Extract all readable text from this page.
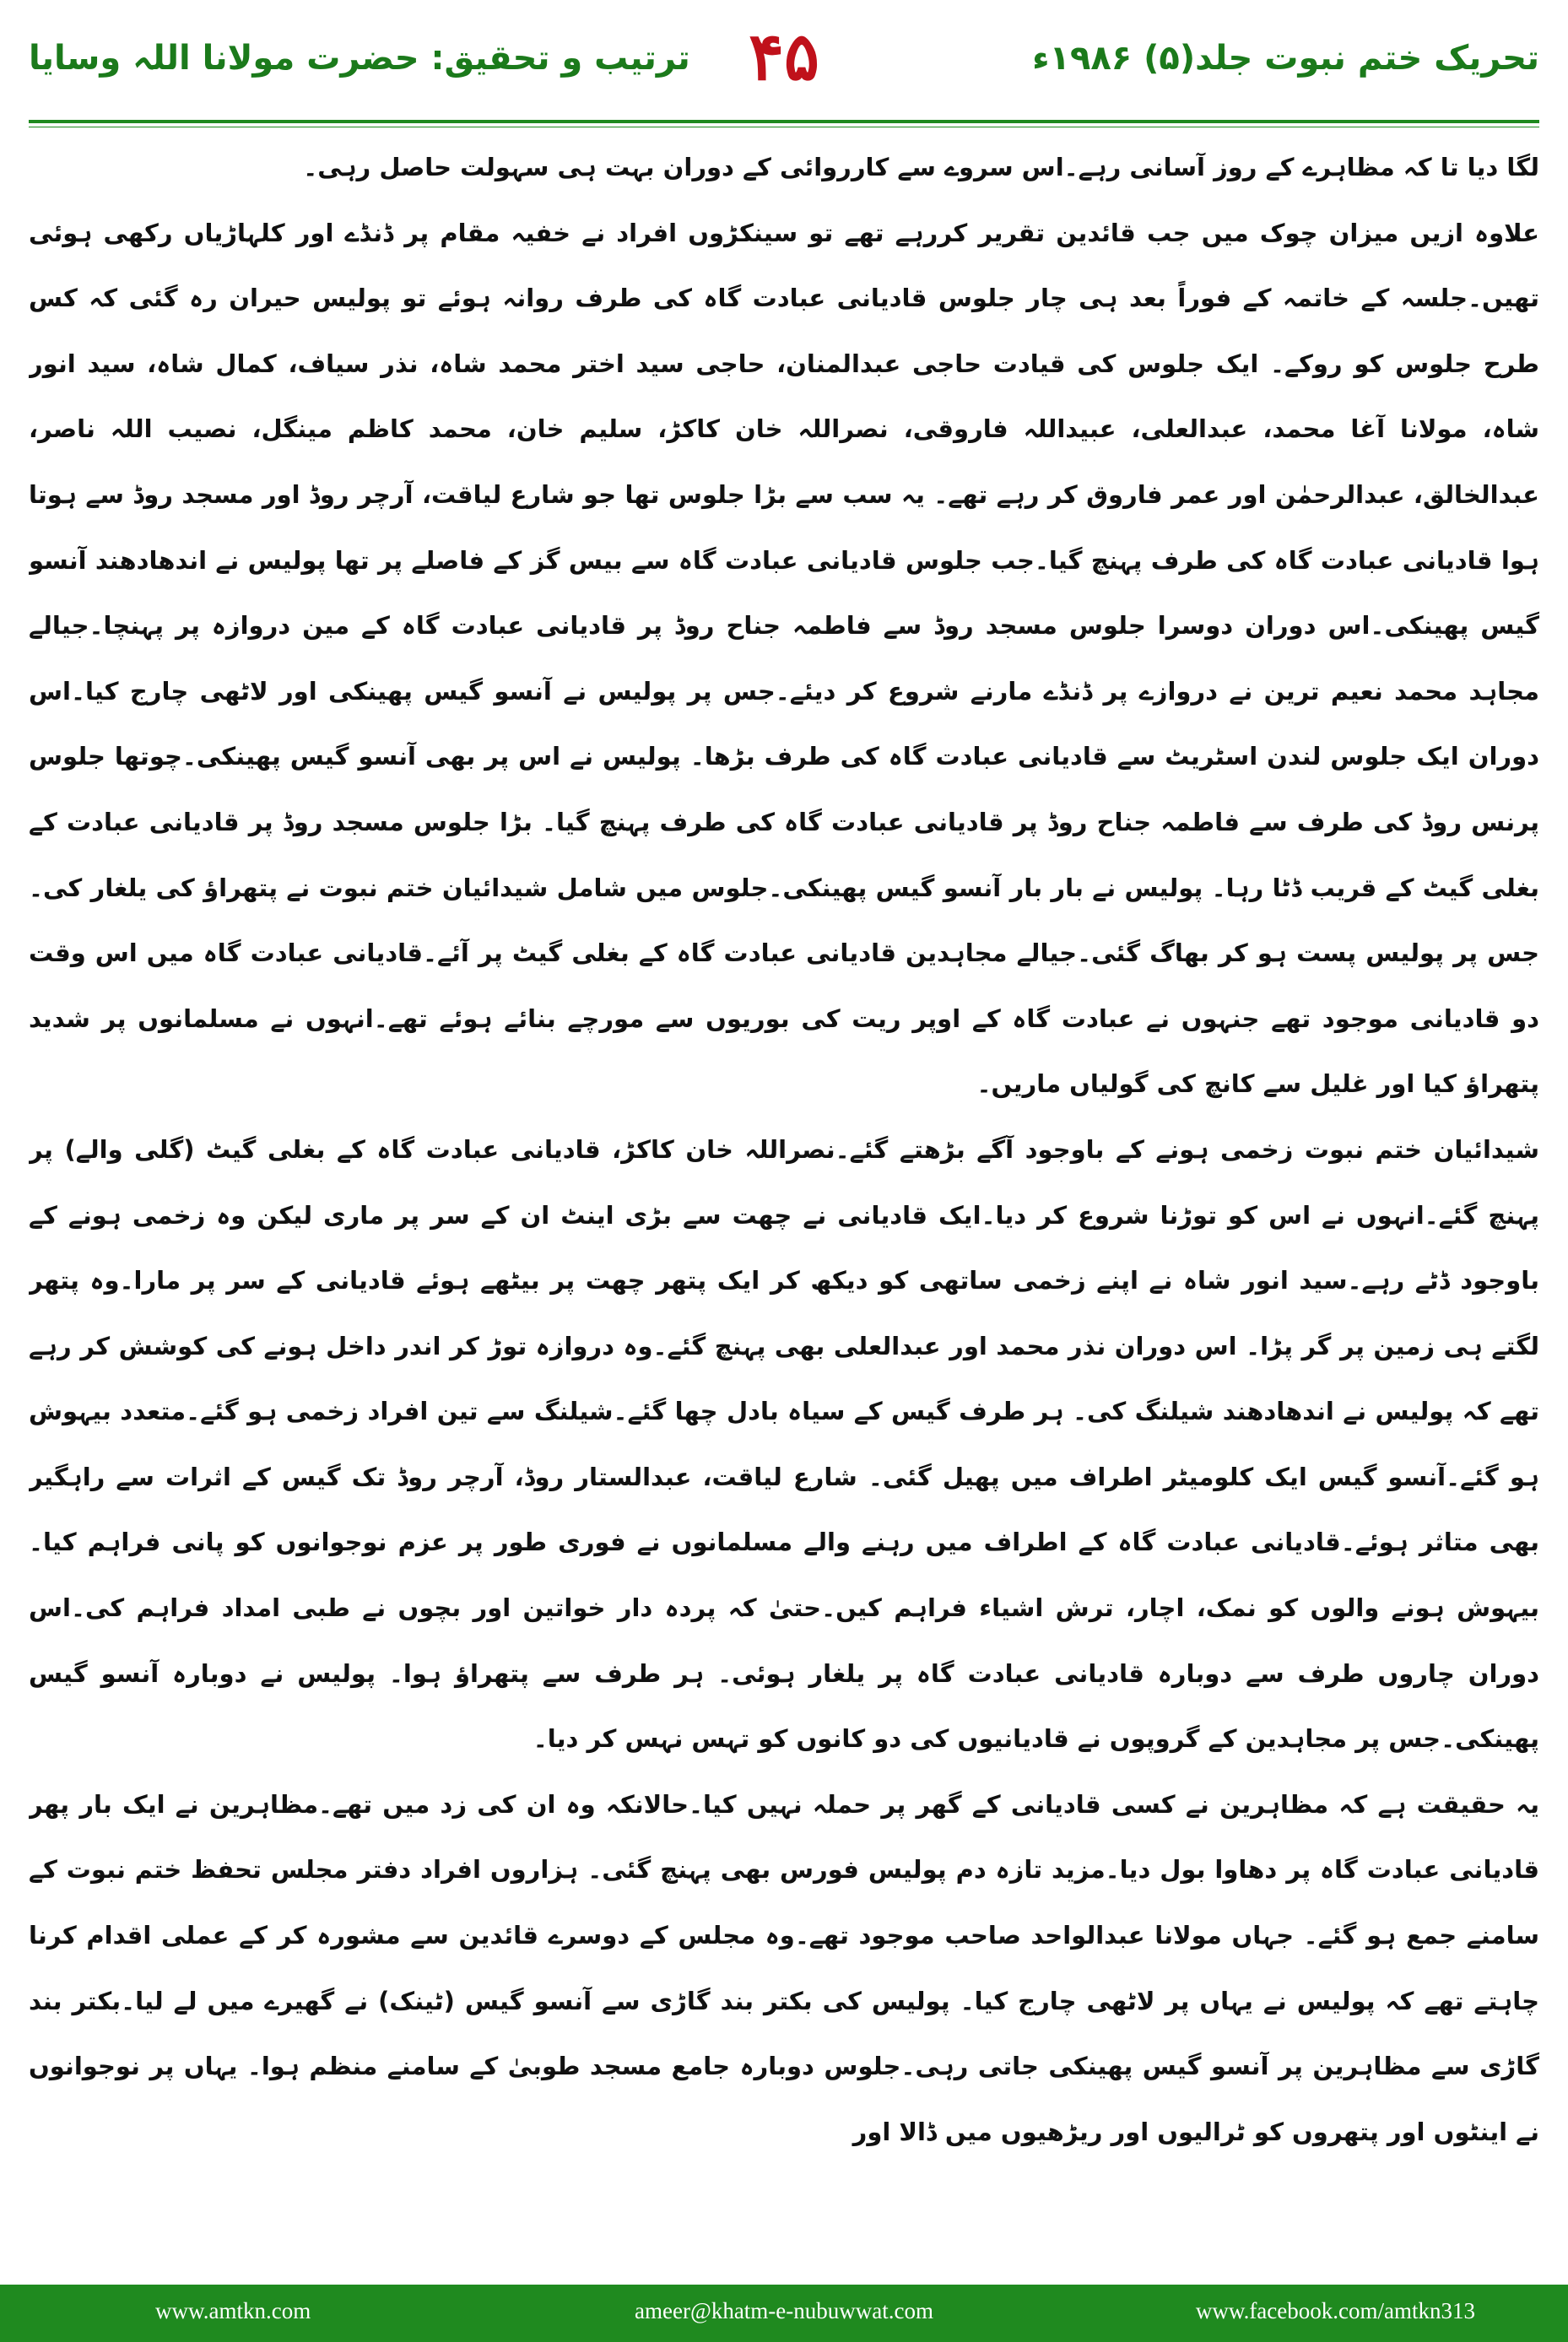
تحریک ختم نبوت جلد(۵) ۱۹۸۶ء
۴۵
ترتیب و تحقیق: حضرت مولانا اللہ وسایا

لگا دیا تا کہ مظاہرے کے روز آسانی رہے۔اس سروے سے کارروائی کے دوران بہت ہی سہولت حاصل رہی۔

علاوہ ازیں میزان چوک میں جب قائدین تقریر کررہے تھے تو سینکڑوں افراد نے خفیہ مقام پر ڈنڈے اور کلہاڑیاں رکھی ہوئی تھیں۔جلسہ کے خاتمہ کے فوراً بعد ہی چار جلوس قادیانی عبادت گاہ کی طرف روانہ ہوئے تو پولیس حیران رہ گئی کہ کس طرح جلوس کو روکے۔ ایک جلوس کی قیادت حاجی عبدالمنان، حاجی سید اختر محمد شاہ، نذر سیاف، کمال شاہ، سید انور شاہ، مولانا آغا محمد، عبدالعلی، عبیداللہ فاروقی، نصراللہ خان کاکڑ، سلیم خان، محمد کاظم مینگل، نصیب اللہ ناصر، عبدالخالق، عبدالرحمٰن اور عمر فاروق کر رہے تھے۔ یہ سب سے بڑا جلوس تھا جو شارع لیاقت، آرچر روڈ اور مسجد روڈ سے ہوتا ہوا قادیانی عبادت گاہ کی طرف پہنچ گیا۔جب جلوس قادیانی عبادت گاہ سے بیس گز کے فاصلے پر تھا پولیس نے اندھادھند آنسو گیس پھینکی۔اس دوران دوسرا جلوس مسجد روڈ سے فاطمہ جناح روڈ پر قادیانی عبادت گاہ کے مین دروازہ پر پہنچا۔جیالے مجاہد محمد نعیم ترین نے دروازے پر ڈنڈے مارنے شروع کر دیئے۔جس پر پولیس نے آنسو گیس پھینکی اور لاٹھی چارج کیا۔اس دوران ایک جلوس لندن اسٹریٹ سے قادیانی عبادت گاہ کی طرف بڑھا۔ پولیس نے اس پر بھی آنسو گیس پھینکی۔چوتھا جلوس پرنس روڈ کی طرف سے فاطمہ جناح روڈ پر قادیانی عبادت گاہ کی طرف پہنچ گیا۔ بڑا جلوس مسجد روڈ پر قادیانی عبادت کے بغلی گیٹ کے قریب ڈٹا رہا۔ پولیس نے بار بار آنسو گیس پھینکی۔جلوس میں شامل شیدائیان ختم نبوت نے پتھراؤ کی یلغار کی۔جس پر پولیس پست ہو کر بھاگ گئی۔جیالے مجاہدین قادیانی عبادت گاہ کے بغلی گیٹ پر آئے۔قادیانی عبادت گاہ میں اس وقت دو قادیانی موجود تھے جنہوں نے عبادت گاہ کے اوپر ریت کی بوریوں سے مورچے بنائے ہوئے تھے۔انہوں نے مسلمانوں پر شدید پتھراؤ کیا اور غلیل سے کانچ کی گولیاں ماریں۔

شیدائیان ختم نبوت زخمی ہونے کے باوجود آگے بڑھتے گئے۔نصراللہ خان کاکڑ، قادیانی عبادت گاہ کے بغلی گیٹ (گلی والے) پر پہنچ گئے۔انہوں نے اس کو توڑنا شروع کر دیا۔ایک قادیانی نے چھت سے بڑی اینٹ ان کے سر پر ماری لیکن وہ زخمی ہونے کے باوجود ڈٹے رہے۔سید انور شاہ نے اپنے زخمی ساتھی کو دیکھ کر ایک پتھر چھت پر بیٹھے ہوئے قادیانی کے سر پر مارا۔وہ پتھر لگتے ہی زمین پر گر پڑا۔ اس دوران نذر محمد اور عبدالعلی بھی پہنچ گئے۔وہ دروازہ توڑ کر اندر داخل ہونے کی کوشش کر رہے تھے کہ پولیس نے اندھادھند شیلنگ کی۔ ہر طرف گیس کے سیاہ بادل چھا گئے۔شیلنگ سے تین افراد زخمی ہو گئے۔متعدد بیہوش ہو گئے۔آنسو گیس ایک کلومیٹر اطراف میں پھیل گئی۔ شارع لیاقت، عبدالستار روڈ، آرچر روڈ تک گیس کے اثرات سے راہگیر بھی متاثر ہوئے۔قادیانی عبادت گاہ کے اطراف میں رہنے والے مسلمانوں نے فوری طور پر عزم نوجوانوں کو پانی فراہم کیا۔بیہوش ہونے والوں کو نمک، اچار، ترش اشیاء فراہم کیں۔حتیٰ کہ پردہ دار خواتین اور بچوں نے طبی امداد فراہم کی۔اس دوران چاروں طرف سے دوبارہ قادیانی عبادت گاہ پر یلغار ہوئی۔ ہر طرف سے پتھراؤ ہوا۔ پولیس نے دوبارہ آنسو گیس پھینکی۔جس پر مجاہدین کے گروپوں نے قادیانیوں کی دو کانوں کو تہس نہس کر دیا۔

یہ حقیقت ہے کہ مظاہرین نے کسی قادیانی کے گھر پر حملہ نہیں کیا۔حالانکہ وہ ان کی زد میں تھے۔مظاہرین نے ایک بار پھر قادیانی عبادت گاہ پر دھاوا بول دیا۔مزید تازہ دم پولیس فورس بھی پہنچ گئی۔ ہزاروں افراد دفتر مجلس تحفظ ختم نبوت کے سامنے جمع ہو گئے۔ جہاں مولانا عبدالواحد صاحب موجود تھے۔وہ مجلس کے دوسرے قائدین سے مشورہ کر کے عملی اقدام کرنا چاہتے تھے کہ پولیس نے یہاں پر لاٹھی چارج کیا۔ پولیس کی بکتر بند گاڑی سے آنسو گیس (ٹینک) نے گھیرے میں لے لیا۔بکتر بند گاڑی سے مظاہرین پر آنسو گیس پھینکی جاتی رہی۔جلوس دوبارہ جامع مسجد طوبیٰ کے سامنے منظم ہوا۔ یہاں پر نوجوانوں نے اینٹوں اور پتھروں کو ٹرالیوں اور ریڑھیوں میں ڈالا اور

www.amtkn.com	ameer@khatm-e-nubuwwat.com	www.facebook.com/amtkn313
